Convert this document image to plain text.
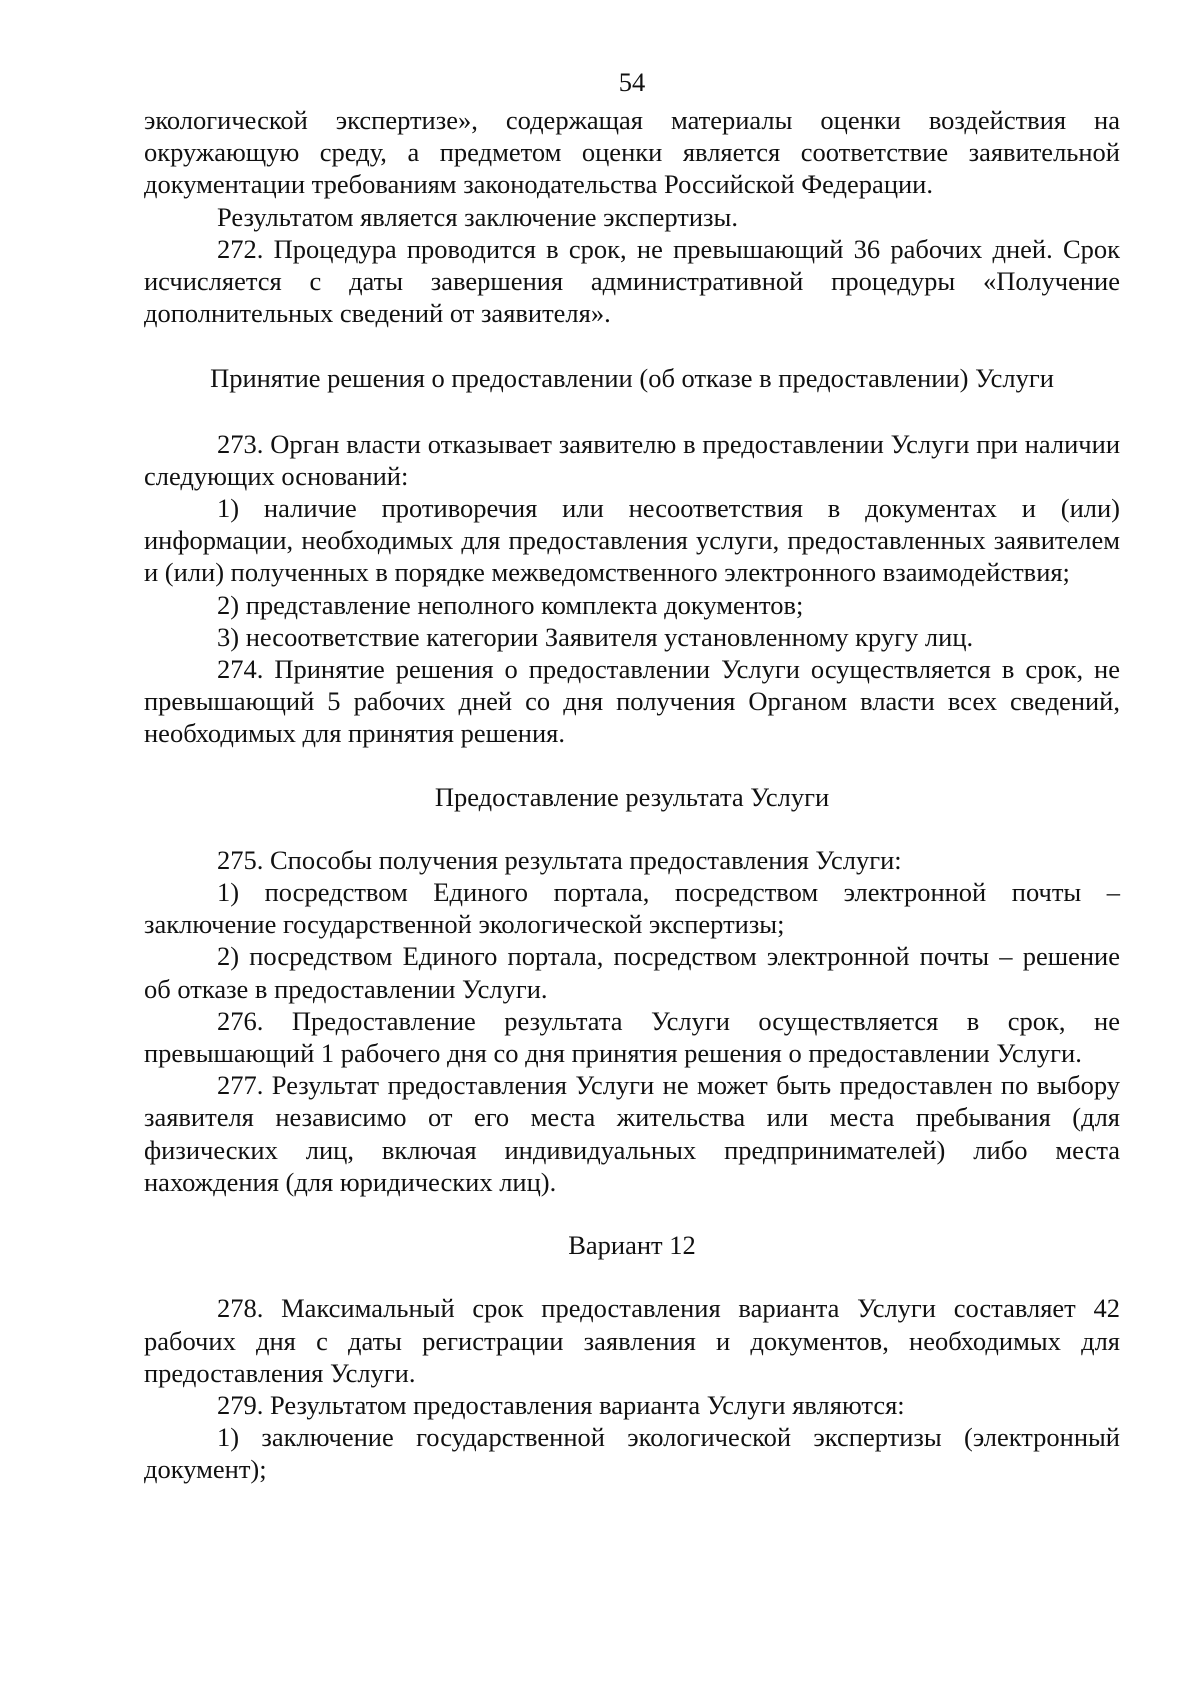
54

экологической экспертизе», содержащая материалы оценки воздействия на окружающую среду, а предметом оценки является соответствие заявительной документации требованиям законодательства Российской Федерации.

Результатом является заключение экспертизы.

272. Процедура проводится в срок, не превышающий 36 рабочих дней. Срок исчисляется с даты завершения административной процедуры «Получение дополнительных сведений от заявителя».

Принятие решения о предоставлении (об отказе в предоставлении) Услуги

273. Орган власти отказывает заявителю в предоставлении Услуги при наличии следующих оснований:

1) наличие противоречия или несоответствия в документах и (или) информации, необходимых для предоставления услуги, предоставленных заявителем и (или) полученных в порядке межведомственного электронного взаимодействия;

2) представление неполного комплекта документов;

3) несоответствие категории Заявителя установленному кругу лиц.

274. Принятие решения о предоставлении Услуги осуществляется в срок, не превышающий 5 рабочих дней со дня получения Органом власти всех сведений, необходимых для принятия решения.

Предоставление результата Услуги

275. Способы получения результата предоставления Услуги:

1) посредством Единого портала, посредством электронной почты – заключение государственной экологической экспертизы;

2) посредством Единого портала, посредством электронной почты – решение об отказе в предоставлении Услуги.

276. Предоставление результата Услуги осуществляется в срок, не превышающий 1 рабочего дня со дня принятия решения о предоставлении Услуги.

277. Результат предоставления Услуги не может быть предоставлен по выбору заявителя независимо от его места жительства или места пребывания (для физических лиц, включая индивидуальных предпринимателей) либо места нахождения (для юридических лиц).

Вариант 12

278. Максимальный срок предоставления варианта Услуги составляет 42 рабочих дня с даты регистрации заявления и документов, необходимых для предоставления Услуги.

279. Результатом предоставления варианта Услуги являются:

1) заключение государственной экологической экспертизы (электронный документ);
